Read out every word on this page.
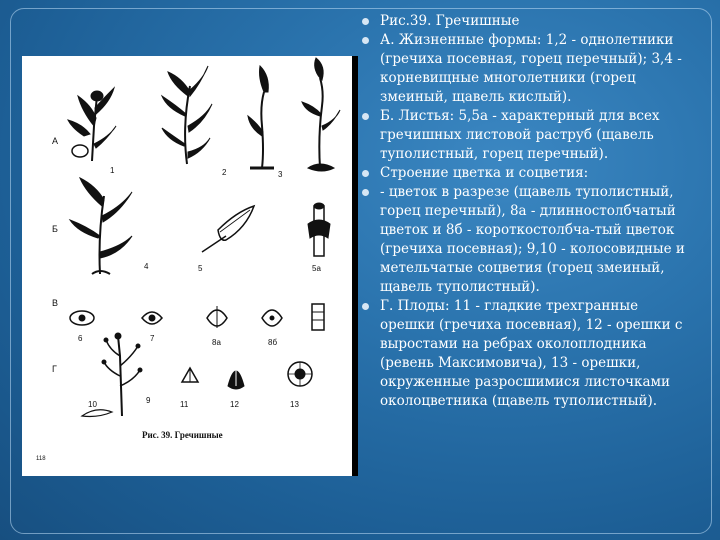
А
Б
В
Г
1	2	3
4	5	5а
6	7	8а	8б
9
10	11	12	13
Рис. 39. Гречишные
118
Рис.39. Гречишные
А. Жизненные формы: 1,2 - однолетники (гречиха посевная, горец перечный); 3,4 - корневищные многолетники (горец змеиный, щавель кислый).
Б. Листья: 5,5а - характерный для всех гречишных листовой раструб (щавель туполистный, горец перечный).
Строение цветка и соцветия:
- цветок в разрезе (щавель туполистный, горец перечный), 8а - длинностолбчатый цветок и 8б - короткостолбча-тый цветок (гречиха посевная); 9,10 - колосовидные и метельчатые соцветия (горец змеиный, щавель туполистный).
Г. Плоды: 11 - гладкие трехгранные орешки (гречиха посевная), 12 - орешки с выростами на ребрах околоплодника (ревень Максимовича), 13 - орешки, окруженные разросшимися листочками околоцветника (щавель туполистный).
